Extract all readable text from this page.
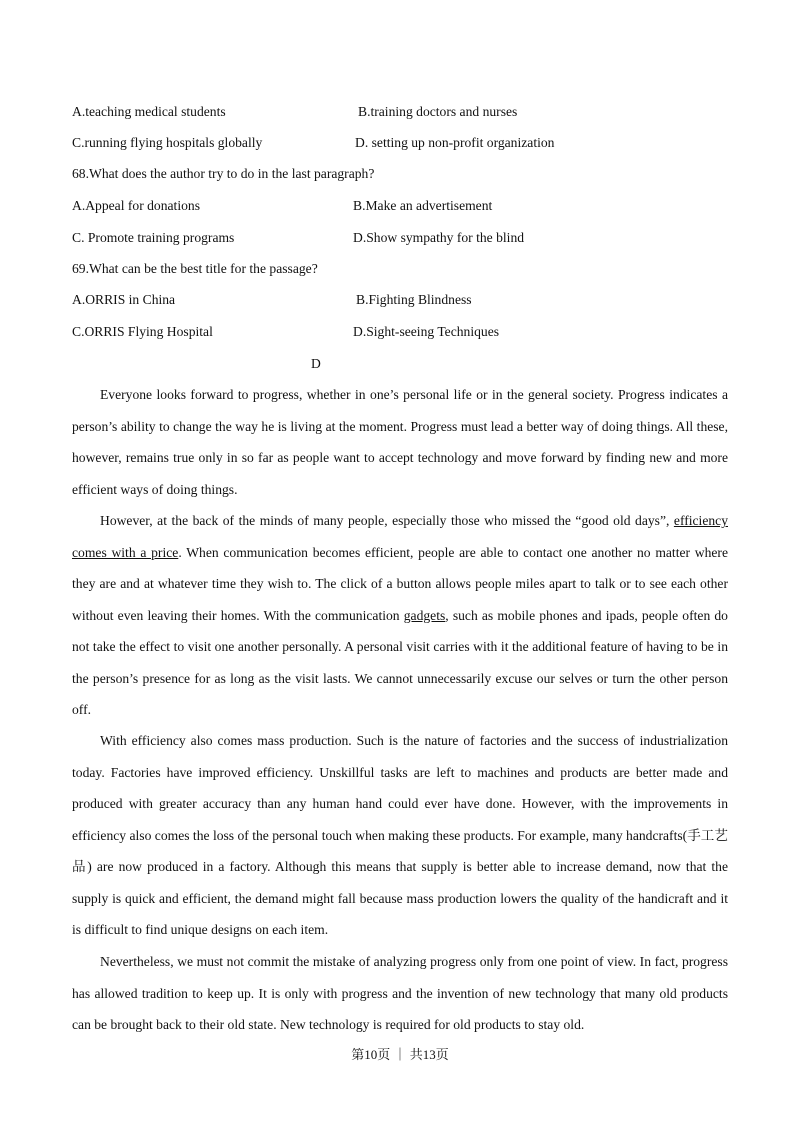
A.teaching medical students	B.training doctors and nurses
C.running flying hospitals globally	D. setting up non-profit organization
68.What does the author try to do in the last paragraph?
A.Appeal for donations	B.Make an advertisement
C. Promote training programs	D.Show sympathy for the blind
69.What can be the best title for the passage?
A.ORRIS in China	B.Fighting Blindness
C.ORRIS Flying Hospital	D.Sight-seeing Techniques
D

Everyone looks forward to progress, whether in one’s personal life or in the general society. Progress indicates a person’s ability to change the way he is living at the moment. Progress must lead a better way of doing things. All these, however, remains true only in so far as people want to accept technology and move forward by finding new and more efficient ways of doing things.

However, at the back of the minds of many people, especially those who missed the “good old days”, efficiency comes with a price. When communication becomes efficient, people are able to contact one another no matter where they are and at whatever time they wish to. The click of a button allows people miles apart to talk or to see each other without even leaving their homes. With the communication gadgets, such as mobile phones and ipads, people often do not take the effect to visit one another personally. A personal visit carries with it the additional feature of having to be in the person’s presence for as long as the visit lasts. We cannot unnecessarily excuse our selves or turn the other person off.

With efficiency also comes mass production. Such is the nature of factories and the success of industrialization today. Factories have improved efficiency. Unskillful tasks are left to machines and products are better made and produced with greater accuracy than any human hand could ever have done. However, with the improvements in efficiency also comes the loss of the personal touch when making these products. For example, many handcrafts(手工艺品) are now produced in a factory. Although this means that supply is better able to increase demand, now that the supply is quick and efficient, the demand might fall because mass production lowers the quality of the handicraft and it is difficult to find unique designs on each item.

Nevertheless, we must not commit the mistake of analyzing progress only from one point of view. In fact, progress has allowed tradition to keep up. It is only with progress and the invention of new technology that many old products can be brought back to their old state. New technology is required for old products to stay old.

第10页 ｜ 共13页
